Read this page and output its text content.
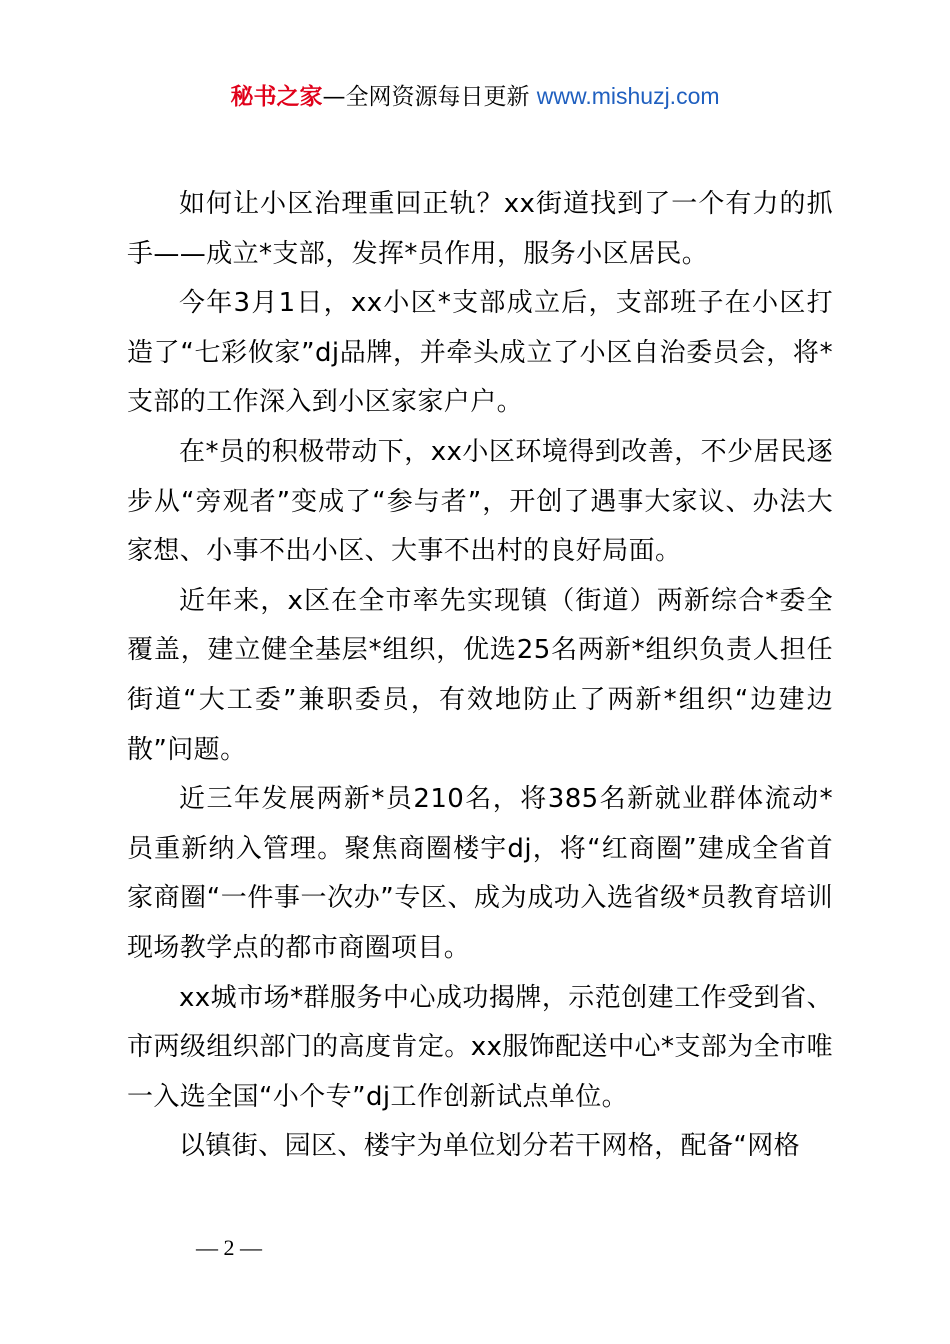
秘书之家—全网资源每日更新 www.mishuzj.com

如何让小区治理重回正轨？xx街道找到了一个有力的抓手——成立*支部，发挥*员作用，服务小区居民。

今年3月1日，xx小区*支部成立后，支部班子在小区打造了“七彩攸家”dj品牌，并牵头成立了小区自治委员会，将*支部的工作深入到小区家家户户。

在*员的积极带动下，xx小区环境得到改善，不少居民逐步从“旁观者”变成了“参与者”，开创了遇事大家议、办法大家想、小事不出小区、大事不出村的良好局面。

近年来，x区在全市率先实现镇（街道）两新综合*委全覆盖，建立健全基层*组织，优选25名两新*组织负责人担任街道“大工委”兼职委员，有效地防止了两新*组织“边建边散”问题。

近三年发展两新*员210名，将385名新就业群体流动*员重新纳入管理。聚焦商圈楼宇dj，将“红商圈”建成全省首家商圈“一件事一次办”专区、成为成功入选省级*员教育培训现场教学点的都市商圈项目。

xx城市场*群服务中心成功揭牌，示范创建工作受到省、市两级组织部门的高度肯定。xx服饰配送中心*支部为全市唯一入选全国“小个专”dj工作创新试点单位。

以镇街、园区、楼宇为单位划分若干网格，配备“网格

— 2 —
